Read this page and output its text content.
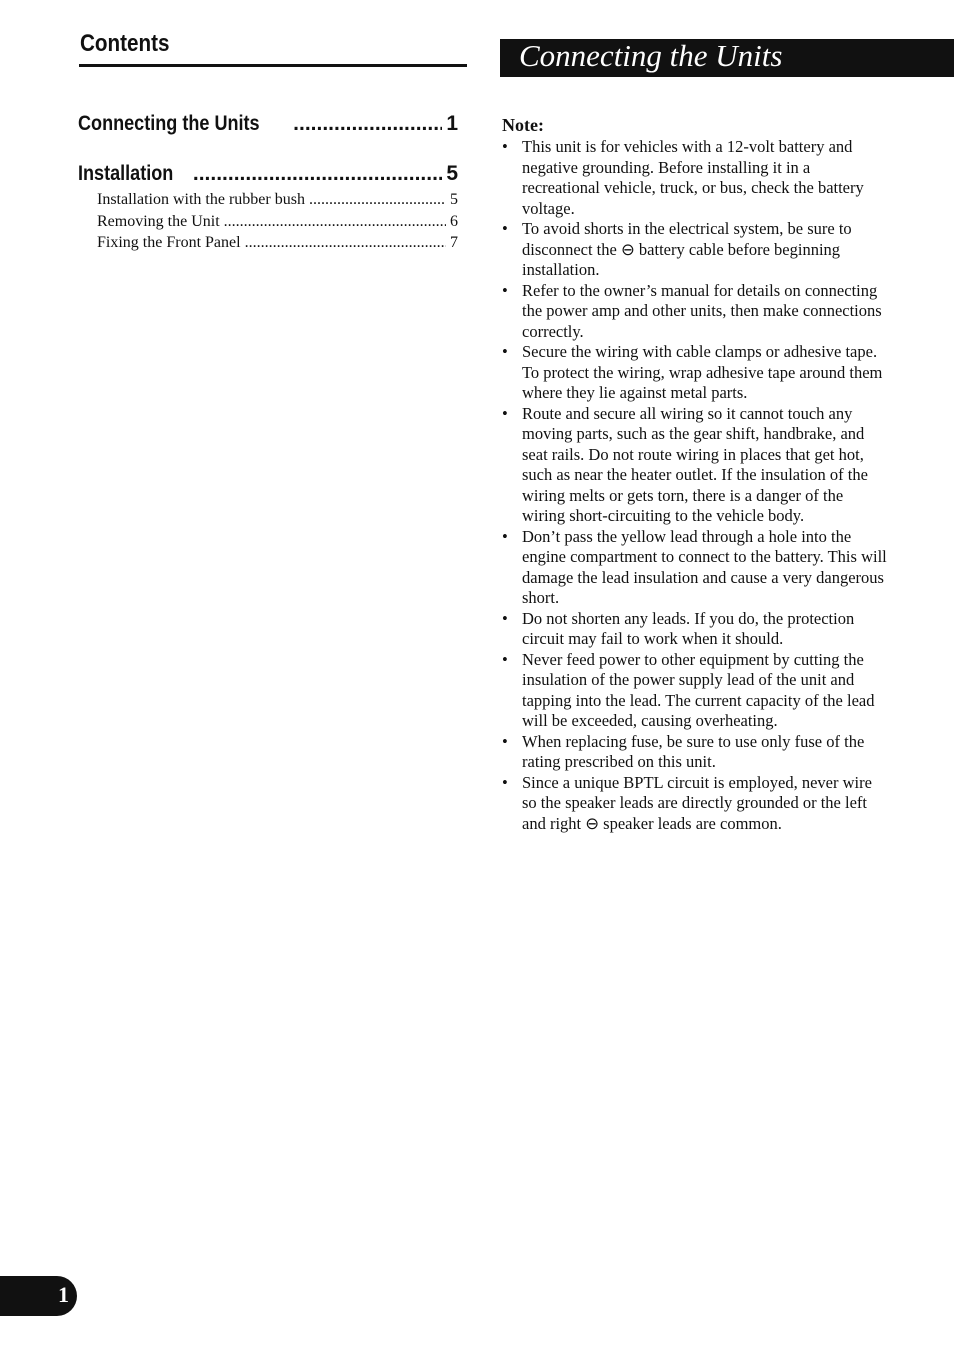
Contents	Connecting the Units
Connecting the Units .....	1
Installation .....	5
Installation with the rubber bush .....	5
Removing the Unit .....	6
Fixing the Front Panel .....	7
Note:
• This unit is for vehicles with a 12-volt battery and negative grounding. Before installing it in a recreational vehicle, truck, or bus, check the battery voltage.
• To avoid shorts in the electrical system, be sure to disconnect the ⊖ battery cable before beginning installation.
• Refer to the owner’s manual for details on connecting the power amp and other units, then make connections correctly.
• Secure the wiring with cable clamps or adhesive tape. To protect the wiring, wrap adhesive tape around them where they lie against metal parts.
• Route and secure all wiring so it cannot touch any moving parts, such as the gear shift, handbrake, and seat rails. Do not route wiring in places that get hot, such as near the heater outlet. If the insulation of the wiring melts or gets torn, there is a danger of the wiring short-circuiting to the vehicle body.
• Don’t pass the yellow lead through a hole into the engine compartment to connect to the battery. This will damage the lead insulation and cause a very dangerous short.
• Do not shorten any leads. If you do, the protection circuit may fail to work when it should.
• Never feed power to other equipment by cutting the insulation of the power supply lead of the unit and tapping into the lead. The current capacity of the lead will be exceeded, causing overheating.
• When replacing fuse, be sure to use only fuse of the rating prescribed on this unit.
• Since a unique BPTL circuit is employed, never wire so the speaker leads are directly grounded or the left and right ⊖ speaker leads are common.
1
